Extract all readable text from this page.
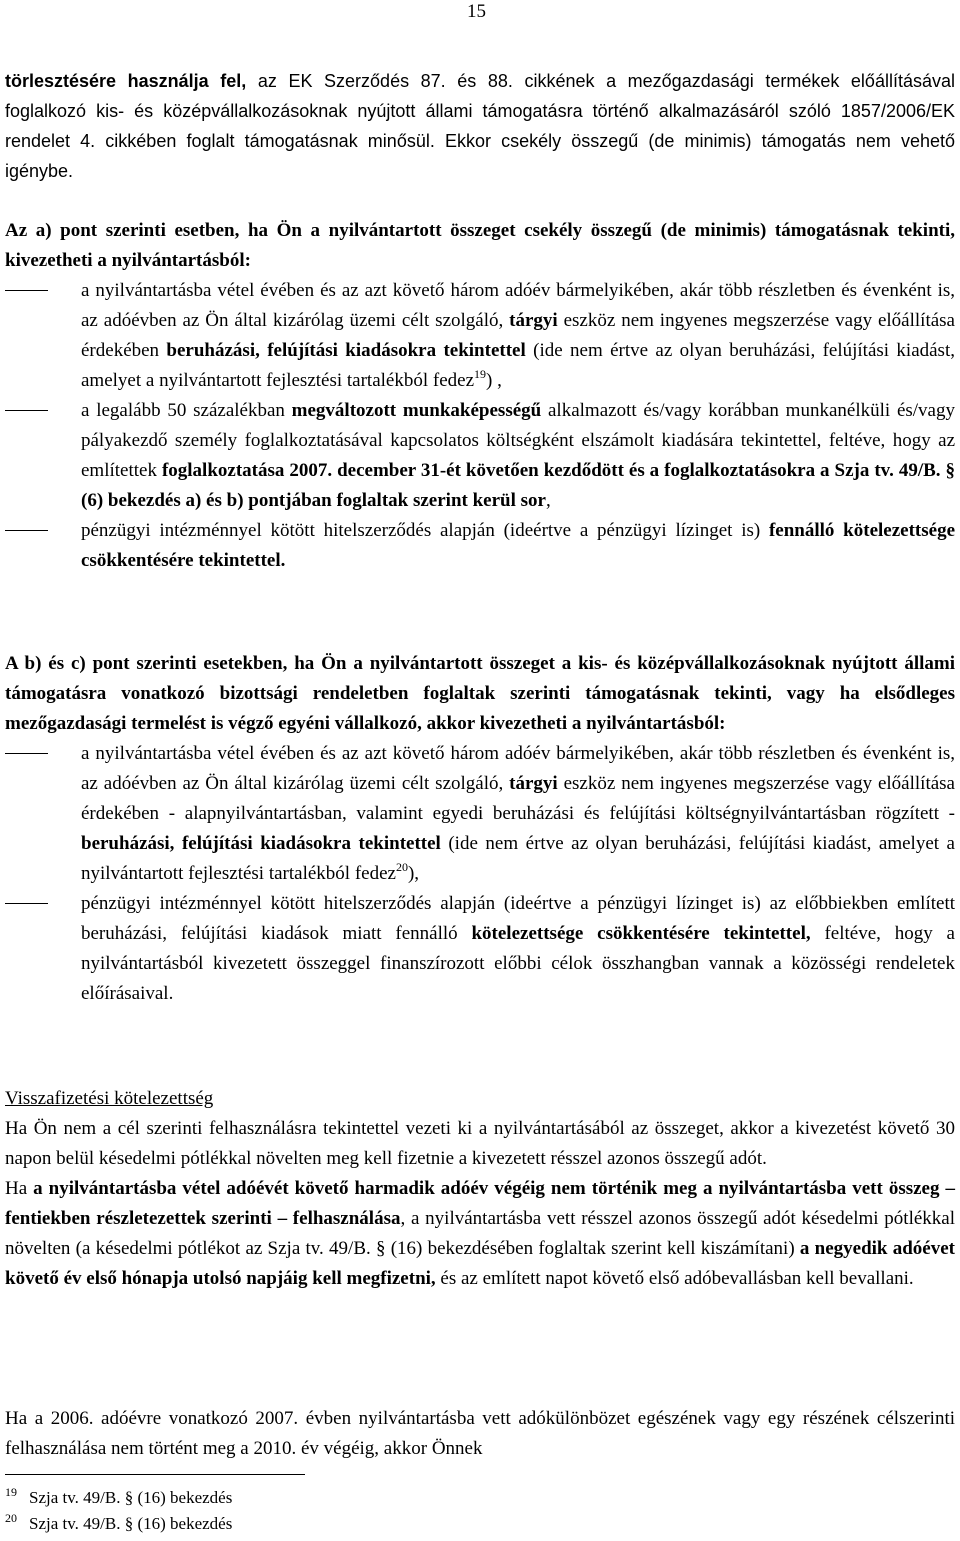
15
törlesztésére használja fel, az EK Szerződés 87. és 88. cikkének a mezőgazdasági termékek előállításával foglalkozó kis- és középvállalkozásoknak nyújtott állami támogatásra történő alkalmazásáról szóló 1857/2006/EK rendelet 4. cikkében foglalt támogatásnak minősül. Ekkor csekély összegű (de minimis) támogatás nem vehető igénybe.
Az a) pont szerinti esetben, ha Ön a nyilvántartott összeget csekély összegű (de minimis) támogatásnak tekinti, kivezetheti a nyilvántartásból:
a nyilvántartásba vétel évében és az azt követő három adóév bármelyikében, akár több részletben és évenként is, az adóévben az Ön által kizárólag üzemi célt szolgáló, tárgyi eszköz nem ingyenes megszerzése vagy előállítása érdekében beruházási, felújítási kiadásokra tekintettel (ide nem értve az olyan beruházási, felújítási kiadást, amelyet a nyilvántartott fejlesztési tartalékból fedez$^{19}$) ,
a legalább 50 százalékban megváltozott munkaképességű alkalmazott és/vagy korábban munkanélküli és/vagy pályakezdő személy foglalkoztatásával kapcsolatos költségként elszámolt kiadására tekintettel, feltéve, hogy az említettek foglalkoztatása 2007. december 31-ét követően kezdődött és a foglalkoztatásokra a Szja tv. 49/B. § (6) bekezdés a) és b) pontjában foglaltak szerint kerül sor,
pénzügyi intézménnyel kötött hitelszerződés alapján (ideértve a pénzügyi lízinget is) fennálló kötelezettsége csökkentésére tekintettel.
A b) és c) pont szerinti esetekben, ha Ön a nyilvántartott összeget a kis- és középvállalkozásoknak nyújtott állami támogatásra vonatkozó bizottsági rendeletben foglaltak szerinti támogatásnak tekinti, vagy ha elsődleges mezőgazdasági termelést is végző egyéni vállalkozó, akkor kivezetheti a nyilvántartásból:
a nyilvántartásba vétel évében és az azt követő három adóév bármelyikében, akár több részletben és évenként is, az adóévben az Ön által kizárólag üzemi célt szolgáló, tárgyi eszköz nem ingyenes megszerzése vagy előállítása érdekében - alapnyilvántartásban, valamint egyedi beruházási és felújítási költségnyilvántartásban rögzített - beruházási, felújítási kiadásokra tekintettel (ide nem értve az olyan beruházási, felújítási kiadást, amelyet a nyilvántartott fejlesztési tartalékból fedez$^{20}$),
pénzügyi intézménnyel kötött hitelszerződés alapján (ideértve a pénzügyi lízinget is) az előbbiekben említett beruházási, felújítási kiadások miatt fennálló kötelezettsége csökkentésére tekintettel, feltéve, hogy a nyilvántartásból kivezetett összeggel finanszírozott előbbi célok összhangban vannak a közösségi rendeletek előírásaival.
Visszafizetési kötelezettség
Ha Ön nem a cél szerinti felhasználásra tekintettel vezeti ki a nyilvántartásából az összeget, akkor a kivezetést követő 30 napon belül késedelmi pótlékkal növelten meg kell fizetnie a kivezetett résszel azonos összegű adót.
Ha a nyilvántartásba vétel adóévét követő harmadik adóév végéig nem történik meg a nyilvántartásba vett összeg – fentiekben részletezettek szerinti – felhasználása, a nyilvántartásba vett résszel azonos összegű adót késedelmi pótlékkal növelten (a késedelmi pótlékot az Szja tv. 49/B. § (16) bekezdésében foglaltak szerint kell kiszámítani) a negyedik adóévet követő év első hónapja utolsó napjáig kell megfizetni, és az említett napot követő első adóbevallásban kell bevallani.
Ha a 2006. adóévre vonatkozó 2007. évben nyilvántartásba vett adókülönbözet egészének vagy egy részének célszerinti felhasználása nem történt meg a 2010. év végéig, akkor Önnek
19 Szja tv. 49/B. § (16) bekezdés
20 Szja tv. 49/B. § (16) bekezdés
